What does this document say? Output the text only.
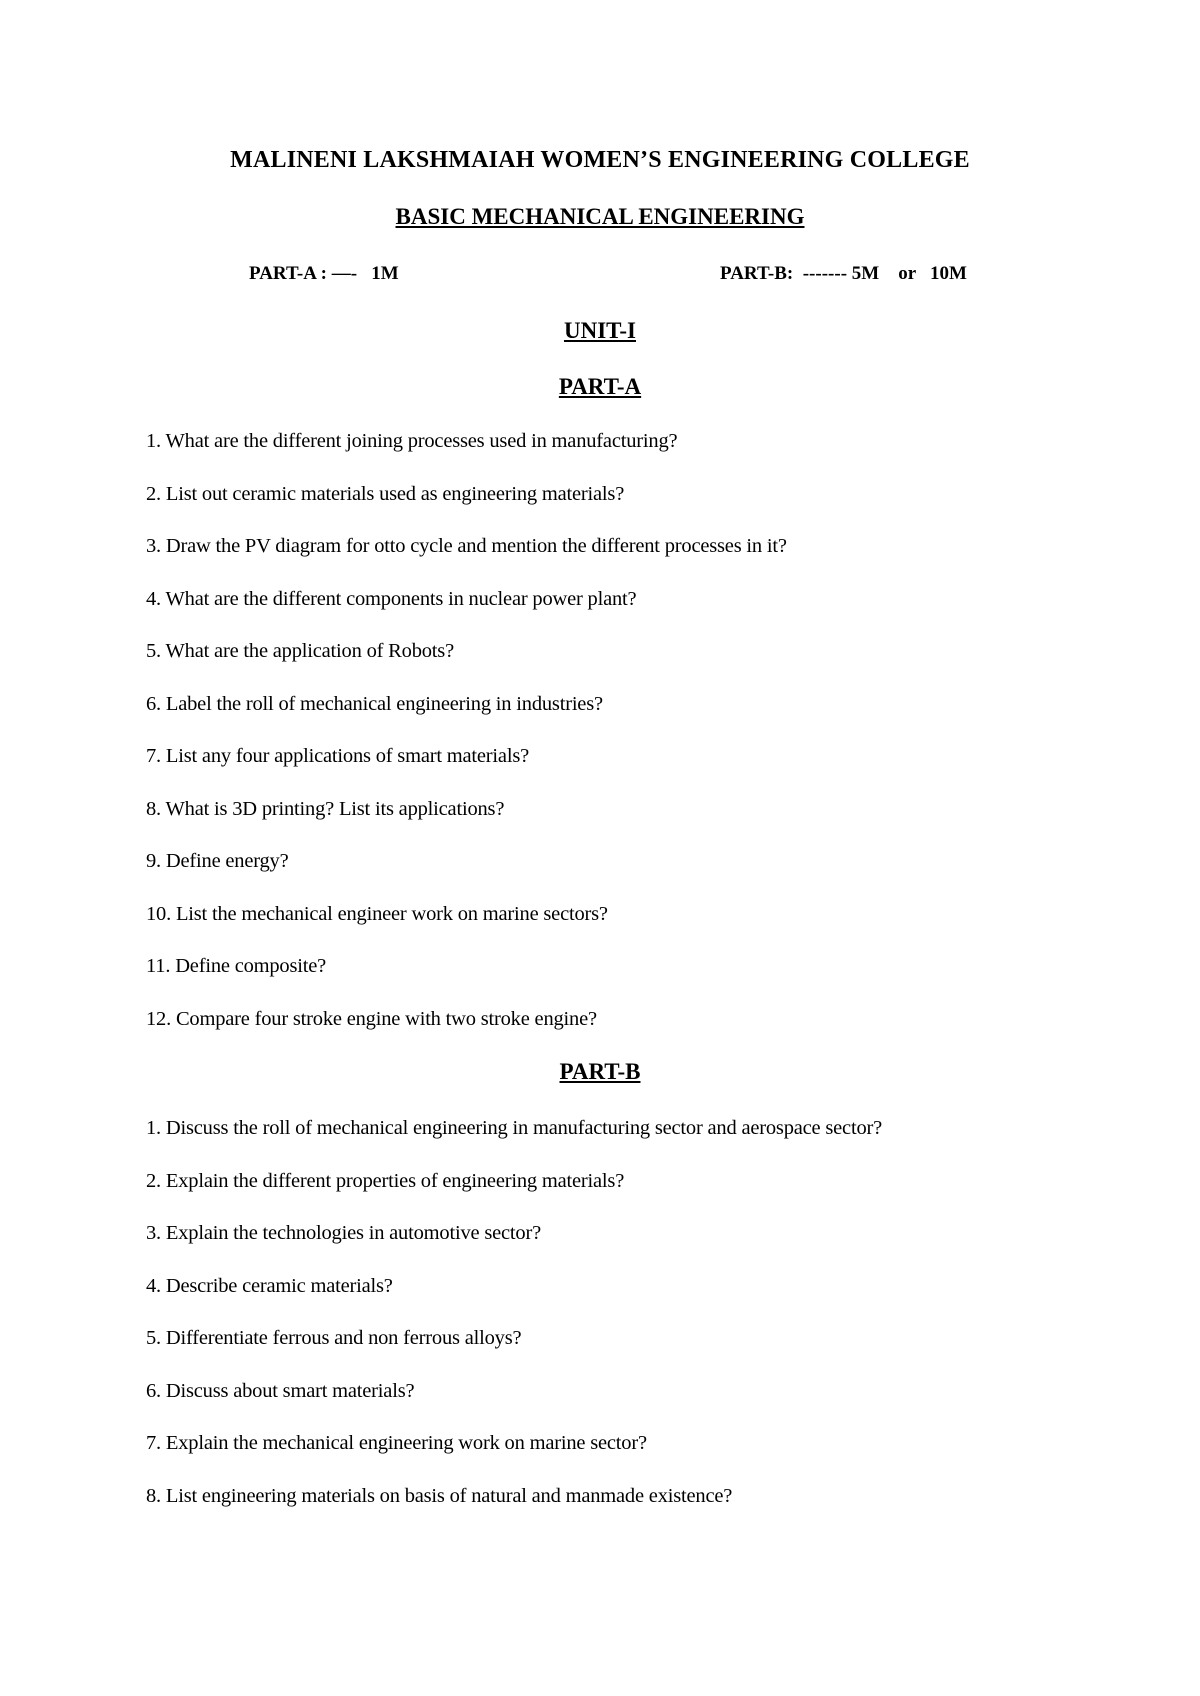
MALINENI LAKSHMAIAH WOMEN’S ENGINEERING COLLEGE
BASIC MECHANICAL ENGINEERING
PART-A : ––-   1M	PART-B:  ------- 5M    or   10M
UNIT-I
PART-A
1. What are the different joining processes used in manufacturing?
2. List out ceramic materials used as engineering materials?
3. Draw the PV diagram for otto cycle and mention the different processes in it?
4. What are the different components in nuclear power plant?
5. What are the application of Robots?
6. Label the roll of mechanical engineering in industries?
7. List any four applications of smart materials?
8. What is 3D printing? List its applications?
9. Define energy?
10. List the mechanical engineer work on marine sectors?
11. Define composite?
12. Compare four stroke engine with two stroke engine?
PART-B
1. Discuss the roll of mechanical engineering in manufacturing sector and aerospace sector?
2. Explain the different properties of engineering materials?
3. Explain the technologies in automotive sector?
4. Describe ceramic materials?
5. Differentiate ferrous and non ferrous alloys?
6. Discuss about smart materials?
7. Explain the mechanical engineering work on marine sector?
8. List engineering materials on basis of natural and manmade existence?
